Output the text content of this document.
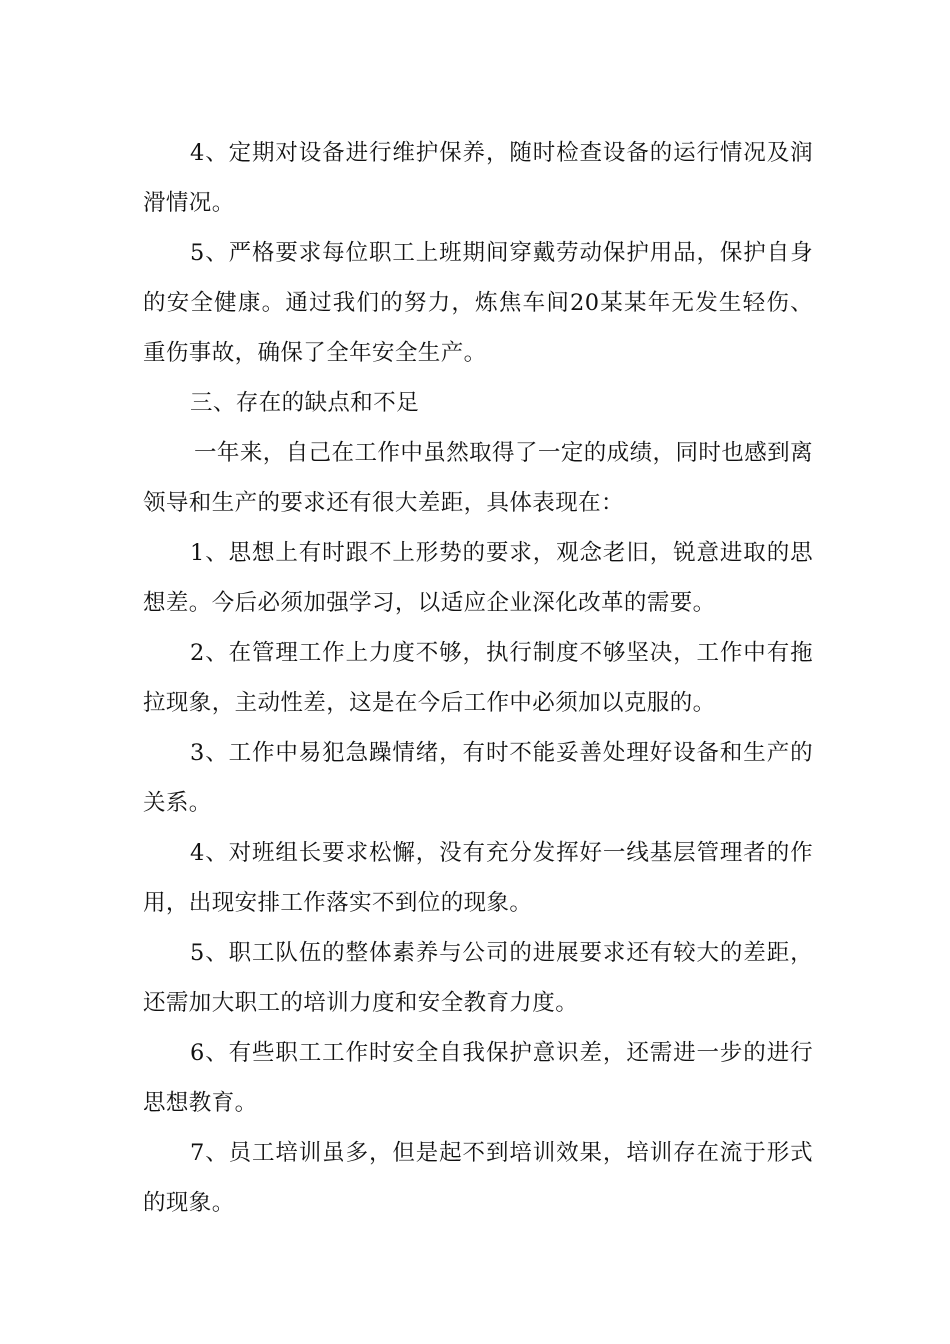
4、定期对设备进行维护保养，随时检查设备的运行情况及润滑情况。

5、严格要求每位职工上班期间穿戴劳动保护用品，保护自身的安全健康。通过我们的努力，炼焦车间20某某年无发生轻伤、重伤事故，确保了全年安全生产。

三、存在的缺点和不足

一年来，自己在工作中虽然取得了一定的成绩，同时也感到离领导和生产的要求还有很大差距，具体表现在：

1、思想上有时跟不上形势的要求，观念老旧，锐意进取的思想差。今后必须加强学习，以适应企业深化改革的需要。

2、在管理工作上力度不够，执行制度不够坚决，工作中有拖拉现象，主动性差，这是在今后工作中必须加以克服的。

3、工作中易犯急躁情绪，有时不能妥善处理好设备和生产的关系。

4、对班组长要求松懈，没有充分发挥好一线基层管理者的作用，出现安排工作落实不到位的现象。

5、职工队伍的整体素养与公司的进展要求还有较大的差距，还需加大职工的培训力度和安全教育力度。

6、有些职工工作时安全自我保护意识差，还需进一步的进行思想教育。

7、员工培训虽多，但是起不到培训效果，培训存在流于形式的现象。
